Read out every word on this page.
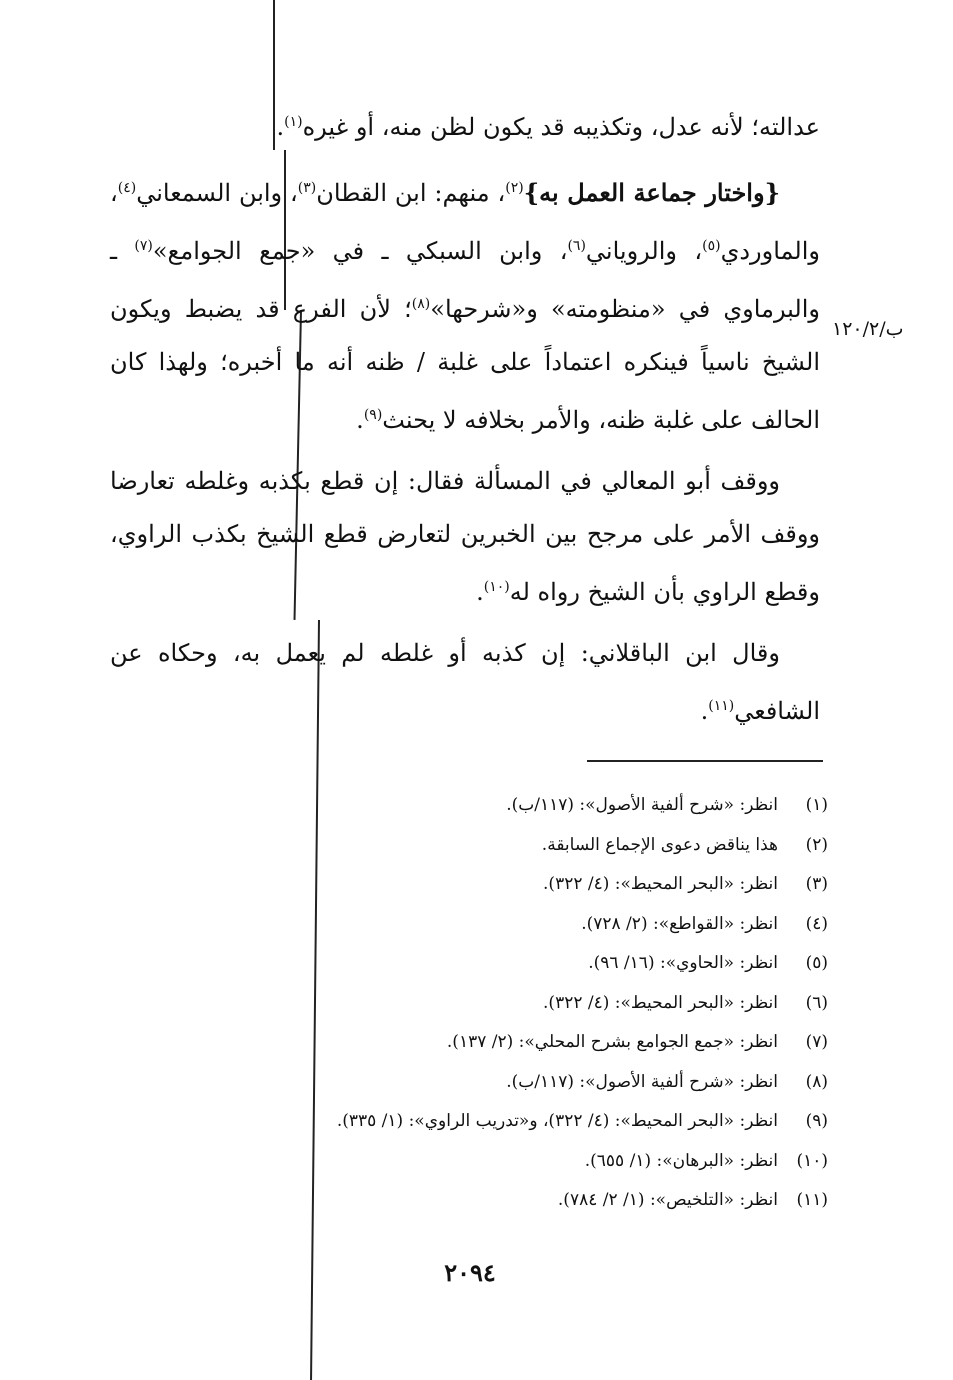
ب/١٢٠/٢

عدالته؛ لأنه عدل، وتكذيبه قد يكون لظن منه، أو غيره$^{(١)}$.

{واختار جماعة العمل به}$^{(٢)}$، منهم: ابن القطان$^{(٣)}$، وابن السمعاني$^{(٤)}$، والماوردي$^{(٥)}$، والروياني$^{(٦)}$، وابن السبكي ـ في «جمع الجوامع»$^{(٧)}$ ـ والبرماوي في «منظومته» و«شرحها»$^{(٨)}$؛ لأن الفرع قد يضبط ويكون الشيخ ناسياً فينكره اعتماداً على غلبة / ظنه أنه ما أخبره؛ ولهذا كان الحالف على غلبة ظنه، والأمر بخلافه لا يحنث$^{(٩)}$.

ووقف أبو المعالي في المسألة فقال: إن قطع بكذبه وغلطه تعارضا ووقف الأمر على مرجح بين الخبرين لتعارض قطع الشيخ بكذب الراوي، وقطع الراوي بأن الشيخ رواه له$^{(١٠)}$.

وقال ابن الباقلاني: إن كذبه أو غلطه لم يعمل به، وحكاه عن الشافعي$^{(١١)}$.

(١)انظر: «شرح ألفية الأصول»: (١١٧/ب).
(٢)هذا يناقض دعوى الإجماع السابقة.
(٣)انظر: «البحر المحيط»: (٤/ ٣٢٢).
(٤)انظر: «القواطع»: (٢/ ٧٢٨).
(٥)انظر: «الحاوي»: (١٦/ ٩٦).
(٦)انظر: «البحر المحيط»: (٤/ ٣٢٢).
(٧)انظر: «جمع الجوامع بشرح المحلي»: (٢/ ١٣٧).
(٨)انظر: «شرح ألفية الأصول»: (١١٧/ب).
(٩)انظر: «البحر المحيط»: (٤/ ٣٢٢)، و«تدريب الراوي»: (١/ ٣٣٥).
(١٠)انظر: «البرهان»: (١/ ٦٥٥).
(١١)انظر: «التلخيص»: (١/ ٢/ ٧٨٤).
٢٠٩٤
